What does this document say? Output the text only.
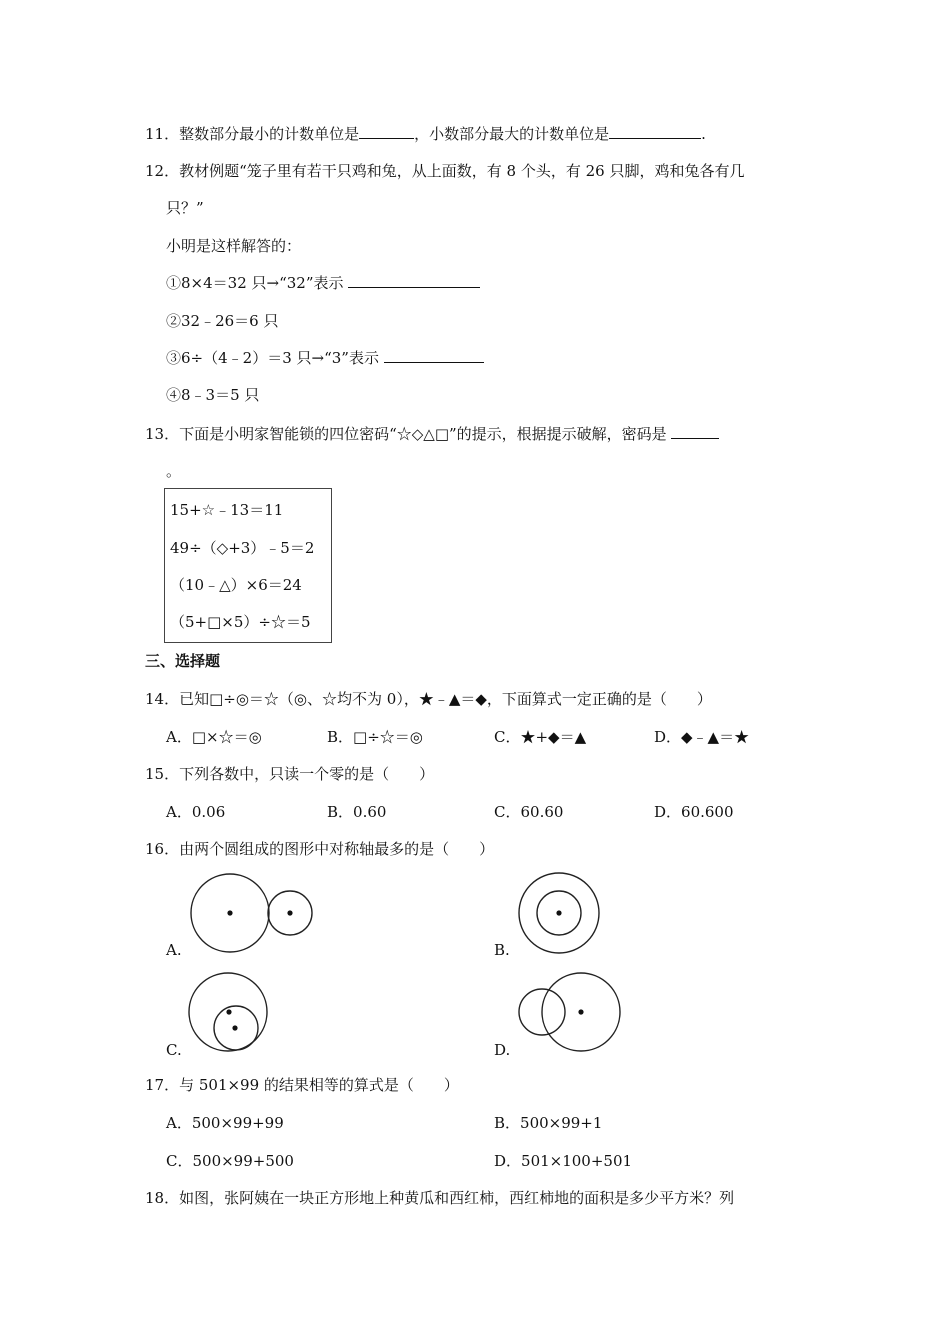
11．整数部分最小的计数单位是	，小数部分最大的计数单位是	.
12．教材例题“笼子里有若干只鸡和兔，从上面数，有 8 个头，有 26 只脚，鸡和兔各有几
只？”
小明是这样解答的：
①8×4＝32 只→“32”表示
②32﹣26＝6 只
③6÷（4﹣2）＝3 只→“3”表示
④8﹣3＝5 只
13．下面是小明家智能锁的四位密码“☆◇△□”的提示，根据提示破解，密码是
。
15+☆﹣13＝11
49÷（◇+3）﹣5＝2
（10﹣△）×6＝24
（5+□×5）÷☆＝5
三、选择题
14．已知□÷◎＝☆（◎、☆均不为 0），★﹣▲＝◆，下面算式一定正确的是（　　）
A．□×☆＝◎	B．□÷☆＝◎	C．★+◆＝▲	D．◆﹣▲＝★
15．下列各数中，只读一个零的是（　　）
A．0.06	B．0.60	C．60.60	D．60.600
16．由两个圆组成的图形中对称轴最多的是（　　）
A.	B.
C.	D.
17．与 501×99 的结果相等的算式是（　　）
A．500×99+99	B．500×99+1
C．500×99+500	D．501×100+501
18．如图，张阿姨在一块正方形地上种黄瓜和西红柿，西红柿地的面积是多少平方米？列
